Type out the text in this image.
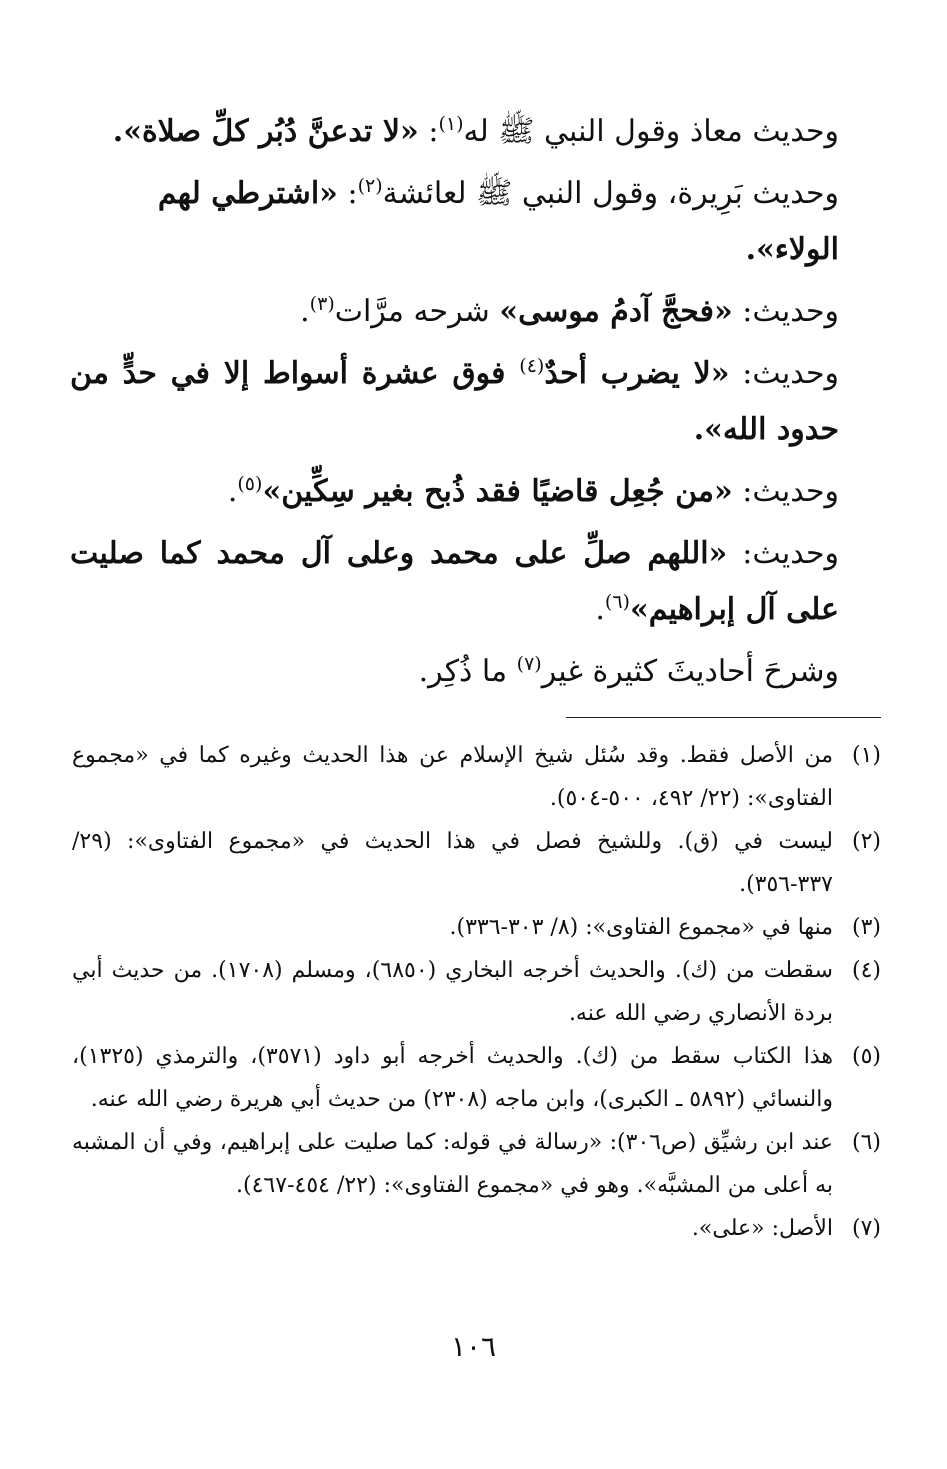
وحديث معاذ وقول النبي ﷺ له$^{(١)}$: «لا تدعنَّ دُبُر كلِّ صلاة».

وحديث بَرِيرة، وقول النبي ﷺ لعائشة$^{(٢)}$: «اشترطي لهم الولاء».

وحديث: «فحجَّ آدمُ موسى» شرحه مرَّات$^{(٣)}$.

وحديث: «لا يضرب أحدٌ$^{(٤)}$ فوق عشرة أسواط إلا في حدٍّ من حدود الله».

وحديث: «من جُعِل قاضيًا فقد ذُبح بغير سِكِّين»$^{(٥)}$.

وحديث: «اللهم صلِّ على محمد وعلى آل محمد كما صليت على آل إبراهيم»$^{(٦)}$.

وشرحَ أحاديثَ كثيرة غير$^{(٧)}$ ما ذُكِر.

(١)
من الأصل فقط. وقد سُئل شيخ الإسلام عن هذا الحديث وغيره كما في «مجموع الفتاوى»: (٢٢/ ٤٩٢، ٥٠٠-٥٠٤).
(٢)
ليست في (ق). وللشيخ فصل في هذا الحديث في «مجموع الفتاوى»: (٢٩/ ٣٣٧-٣٥٦).
(٣)
منها في «مجموع الفتاوى»: (٨/ ٣٠٣-٣٣٦).
(٤)
سقطت من (ك). والحديث أخرجه البخاري (٦٨٥٠)، ومسلم (١٧٠٨). من حديث أبي بردة الأنصاري رضي الله عنه.
(٥)
هذا الكتاب سقط من (ك). والحديث أخرجه أبو داود (٣٥٧١)، والترمذي (١٣٢٥)، والنسائي (٥٨٩٢ ـ الكبرى)، وابن ماجه (٢٣٠٨) من حديث أبي هريرة رضي الله عنه.
(٦)
عند ابن رشيِّق (ص٣٠٦): «رسالة في قوله: كما صليت على إبراهيم، وفي أن المشبه به أعلى من المشبَّه». وهو في «مجموع الفتاوى»: (٢٢/ ٤٥٤-٤٦٧).
(٧)
الأصل: «على».
١٠٦
